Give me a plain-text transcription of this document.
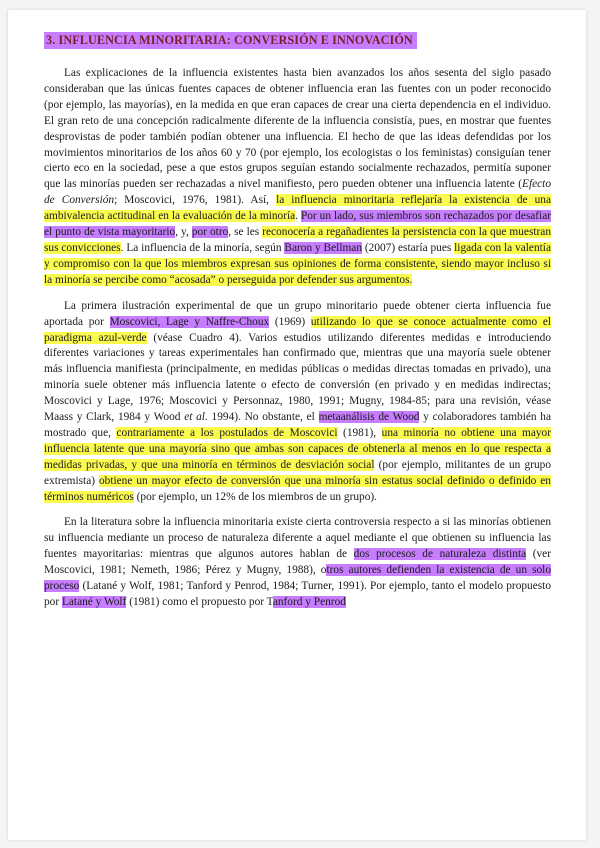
3. INFLUENCIA MINORITARIA: CONVERSIÓN E INNOVACIÓN

Las explicaciones de la influencia existentes hasta bien avanzados los años sesenta del siglo pasado consideraban que las únicas fuentes capaces de obtener influencia eran las fuentes con un poder reconocido (por ejemplo, las mayorías), en la medida en que eran capaces de crear una cierta dependencia en el individuo. El gran reto de una concepción radicalmente diferente de la influencia consistía, pues, en mostrar que fuentes desprovistas de poder también podían obtener una influencia. El hecho de que las ideas defendidas por los movimientos minoritarios de los años 60 y 70 (por ejemplo, los ecologistas o los feministas) consiguían tener cierto eco en la sociedad, pese a que estos grupos seguían estando socialmente rechazados, permitía suponer que las minorías pueden ser rechazadas a nivel manifiesto, pero pueden obtener una influencia latente (Efecto de Conversión; Moscovici, 1976, 1981). Así, la influencia minoritaria reflejaría la existencia de una ambivalencia actitudinal en la evaluación de la minoría. Por un lado, sus miembros son rechazados por desafiar el punto de vista mayoritario, y, por otro, se les reconocería a regañadientes la persistencia con la que muestran sus convicciones. La influencia de la minoría, según Baron y Bellman (2007) estaría pues ligada con la valentía y compromiso con la que los miembros expresan sus opiniones de forma consistente, siendo mayor incluso si la minoría se percibe como “acosada” o perseguida por defender sus argumentos.

La primera ilustración experimental de que un grupo minoritario puede obtener cierta influencia fue aportada por Moscovici, Lage y Naffre-Choux (1969) utilizando lo que se conoce actualmente como el paradigma azul-verde (véase Cuadro 4). Varios estudios utilizando diferentes medidas e introduciendo diferentes variaciones y tareas experimentales han confirmado que, mientras que una mayoría suele obtener más influencia manifiesta (principalmente, en medidas públicas o medidas directas tomadas en privado), una minoría suele obtener más influencia latente o efecto de conversión (en privado y en medidas indirectas; Moscovici y Lage, 1976; Moscovici y Personnaz, 1980, 1991; Mugny, 1984-85; para una revisión, véase Maass y Clark, 1984 y Wood et al. 1994). No obstante, el metaanálisis de Wood y colaboradores también ha mostrado que, contrariamente a los postulados de Moscovici (1981), una minoría no obtiene una mayor influencia latente que una mayoría sino que ambas son capaces de obtenerla al menos en lo que respecta a medidas privadas, y que una minoría en términos de desviación social (por ejemplo, militantes de un grupo extremista) obtiene un mayor efecto de conversión que una minoría sin estatus social definido o definido en términos numéricos (por ejemplo, un 12% de los miembros de un grupo).

En la literatura sobre la influencia minoritaria existe cierta controversia respecto a si las minorías obtienen su influencia mediante un proceso de naturaleza diferente a aquel mediante el que obtienen su influencia las fuentes mayoritarias: mientras que algunos autores hablan de dos procesos de naturaleza distinta (ver Moscovici, 1981; Nemeth, 1986; Pérez y Mugny, 1988), otros autores defienden la existencia de un solo proceso (Latané y Wolf, 1981; Tanford y Penrod, 1984; Turner, 1991). Por ejemplo, tanto el modelo propuesto por Latané y Wolf (1981) como el propuesto por Tanford y Penrod
